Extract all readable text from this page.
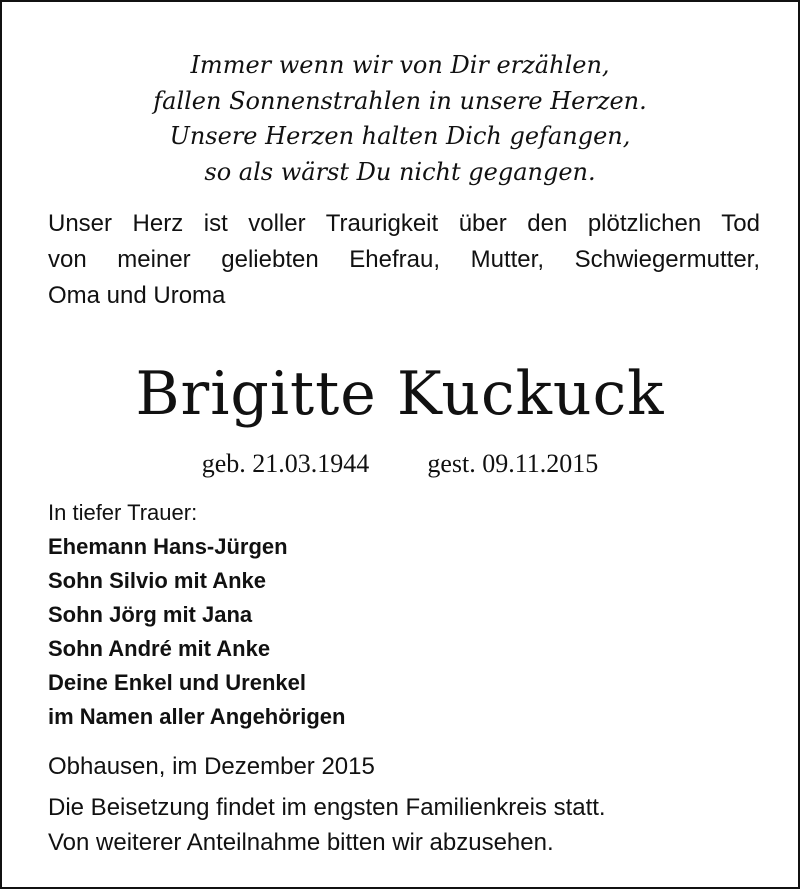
Immer wenn wir von Dir erzählen,
fallen Sonnenstrahlen in unsere Herzen.
Unsere Herzen halten Dich gefangen,
so als wärst Du nicht gegangen.
Unser Herz ist voller Traurigkeit über den plötzlichen Tod
von meiner geliebten Ehefrau, Mutter, Schwiegermutter,
Oma und Uroma
Brigitte Kuckuck
geb. 21.03.1944 gest. 09.11.2015
In tiefer Trauer:
Ehemann Hans-Jürgen
Sohn Silvio mit Anke
Sohn Jörg mit Jana
Sohn André mit Anke
Deine Enkel und Urenkel
im Namen aller Angehörigen
Obhausen, im Dezember 2015
Die Beisetzung findet im engsten Familienkreis statt.
Von weiterer Anteilnahme bitten wir abzusehen.
